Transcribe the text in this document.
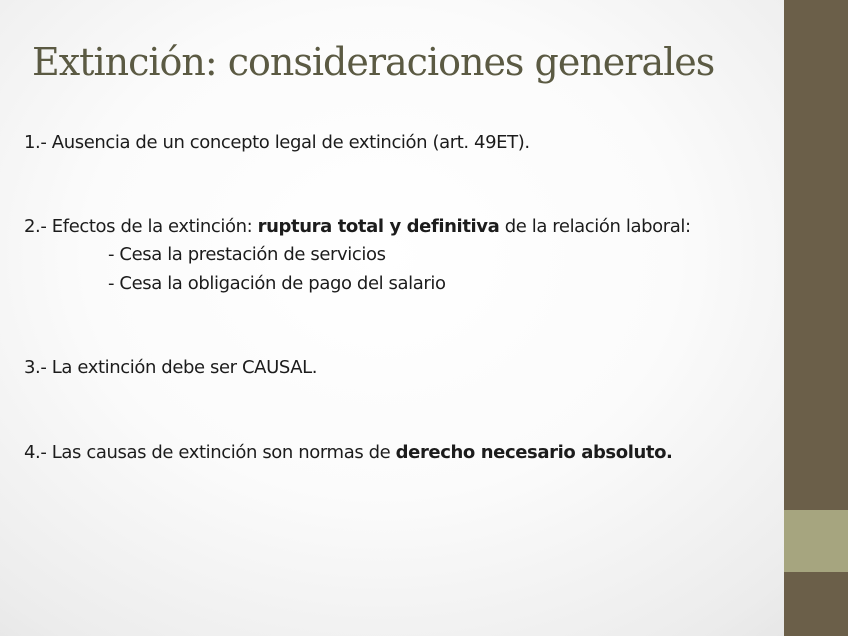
Extinción: consideraciones generales

1.- Ausencia de un concepto legal de extinción (art. 49ET).

2.- Efectos de la extinción: ruptura total y definitiva de la relación laboral:

- Cesa la prestación de servicios

- Cesa la obligación de pago del salario

3.- La extinción debe ser CAUSAL.

4.- Las causas de extinción son normas de derecho necesario absoluto.
